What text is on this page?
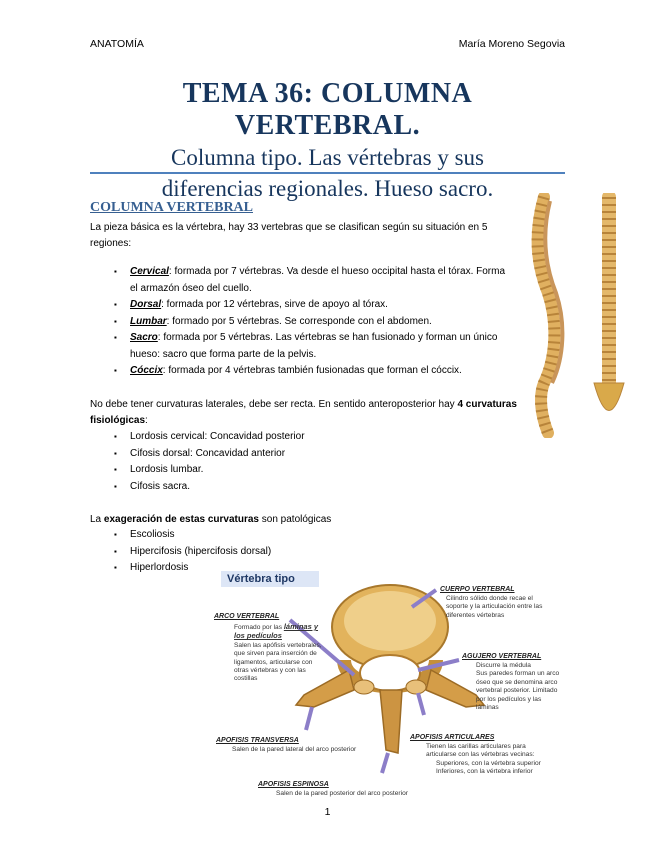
ANATOMÍA	María Moreno Segovia
TEMA 36: COLUMNA VERTEBRAL.
Columna tipo. Las vértebras y sus
diferencias regionales. Hueso sacro.
COLUMNA VERTEBRAL
La pieza básica es la vértebra, hay 33 vertebras que se clasifican según su situación en 5 regiones:
▪ Cervical: formada por 7 vértebras. Va desde el hueso occipital hasta el tórax. Forma el armazón óseo del cuello.
▪ Dorsal: formada por 12 vértebras, sirve de apoyo al tórax.
▪ Lumbar: formado por 5 vértebras. Se corresponde con el abdomen.
▪ Sacro: formada por 5 vértebras. Las vértebras se han fusionado y forman un único hueso: sacro que forma parte de la pelvis.
▪ Cóccix: formada por 4 vértebras también fusionadas que forman el cóccix.
No debe tener curvaturas laterales, debe ser recta. En sentido anteroposterior hay 4 curvaturas fisiológicas:
▪ Lordosis cervical: Concavidad posterior
▪ Cifosis dorsal: Concavidad anterior
▪ Lordosis lumbar.
▪ Cifosis sacra.
La exageración de estas curvaturas son patológicas
▪ Escoliosis
▪ Hipercifosis (hipercifosis dorsal)
▪ Hiperlordosis
Vértebra tipo
CUERPO VERTEBRAL
Cilindro sólido donde recae el
soporte y la articulación entre las
diferentes vértebras
ARCO VERTEBRAL
Formado por las láminas y
los pedículos
Salen las apófisis vertebrales,
que sirven para inserción de
ligamentos, articularse con
otras vértebras y con las
costillas
AGUJERO VERTEBRAL
Discurre la médula
Sus paredes forman un arco
óseo que se denomina arco
vertebral posterior. Limitado
por los pedículos y las
láminas
APOFISIS TRANSVERSA
Salen de la pared lateral del arco posterior
APOFISIS ARTICULARES
Tienen las carillas articulares para
articularse con las vértebras vecinas:
Superiores, con la vértebra superior
Inferiores, con la vértebra inferior
APOFISIS ESPINOSA
Salen de la pared posterior del arco posterior
1
